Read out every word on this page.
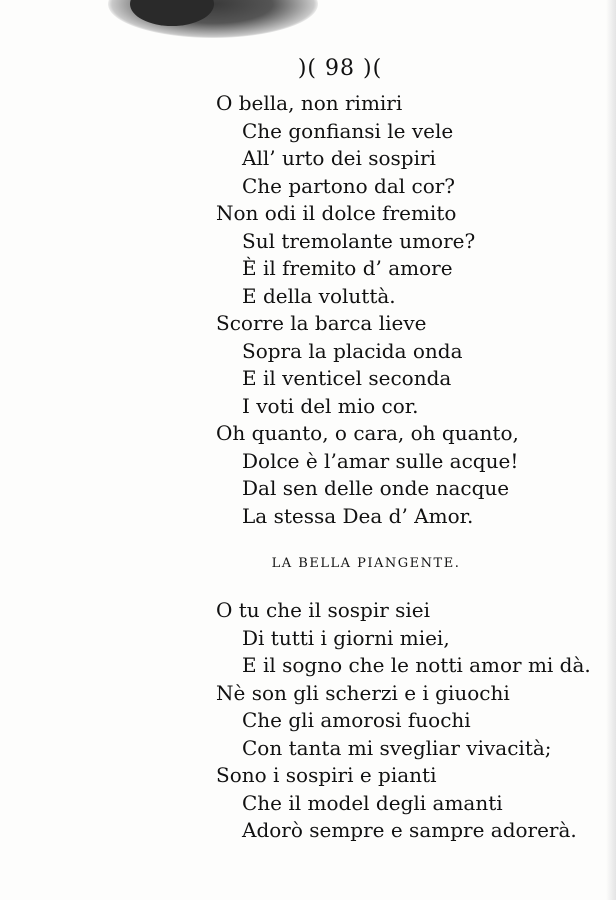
)( 98 )(
O bella, non rimiri
Che gonfiansi le vele
All’ urto dei sospiri
Che partono dal cor?
Non odi il dolce fremito
Sul tremolante umore?
È il fremito d’ amore
E della voluttà.
Scorre la barca lieve
Sopra la placida onda
E il venticel seconda
I voti del mio cor.
Oh quanto, o cara, oh quanto,
Dolce è l’amar sulle acque!
Dal sen delle onde nacque
La stessa Dea d’ Amor.
LA BELLA PIANGENTE.
O tu che il sospir siei
Di tutti i giorni miei,
E il sogno che le notti amor mi dà.
Nè son gli scherzi e i giuochi
Che gli amorosi fuochi
Con tanta mi svegliar vivacità;
Sono i sospiri e pianti
Che il model degli amanti
Adorò sempre e sampre adorerà.
